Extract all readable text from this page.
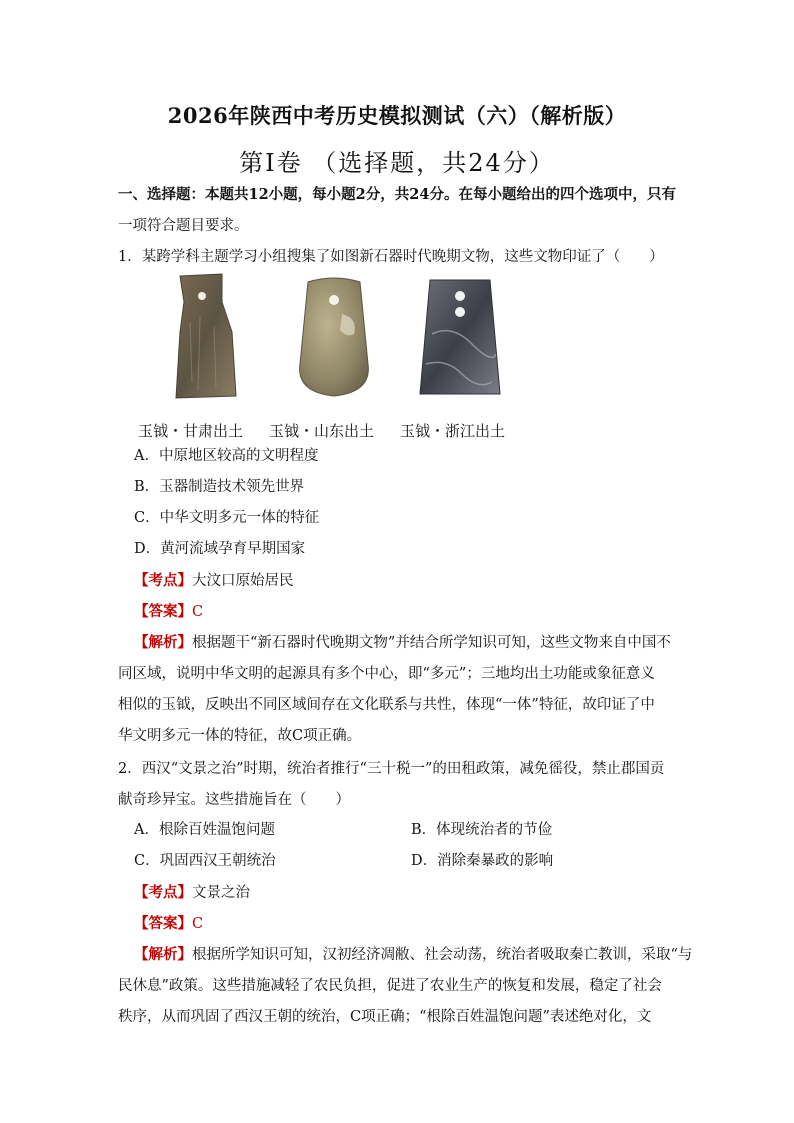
2026年陕西中考历史模拟测试（六）（解析版）
第Ⅰ卷 （选择题，共24分）
一、选择题：本题共12小题，每小题2分，共24分。在每小题给出的四个选项中，只有
一项符合题目要求。
1．某跨学科主题学习小组搜集了如图新石器时代晚期文物，这些文物印证了（　　）
玉钺・甘肃出土 玉钺・山东出土 玉钺・浙江出土
A．中原地区较高的文明程度
B．玉器制造技术领先世界
C．中华文明多元一体的特征
D．黄河流域孕育早期国家
【考点】大汶口原始居民
【答案】C
【解析】根据题干“新石器时代晚期文物”并结合所学知识可知，这些文物来自中国不
同区域，说明中华文明的起源具有多个中心，即“多元”；三地均出土功能或象征意义
相似的玉钺，反映出不同区域间存在文化联系与共性，体现“一体”特征，故印证了中
华文明多元一体的特征，故C项正确。
2．西汉“文景之治”时期，统治者推行“三十税一”的田租政策，减免徭役，禁止郡国贡
献奇珍异宝。这些措施旨在（　　）
A．根除百姓温饱问题	B．体现统治者的节俭
C．巩固西汉王朝统治	D．消除秦暴政的影响
【考点】文景之治
【答案】C
【解析】根据所学知识可知，汉初经济凋敝、社会动荡，统治者吸取秦亡教训，采取“与
民休息”政策。这些措施减轻了农民负担，促进了农业生产的恢复和发展，稳定了社会
秩序，从而巩固了西汉王朝的统治，C项正确；“根除百姓温饱问题”表述绝对化，文
